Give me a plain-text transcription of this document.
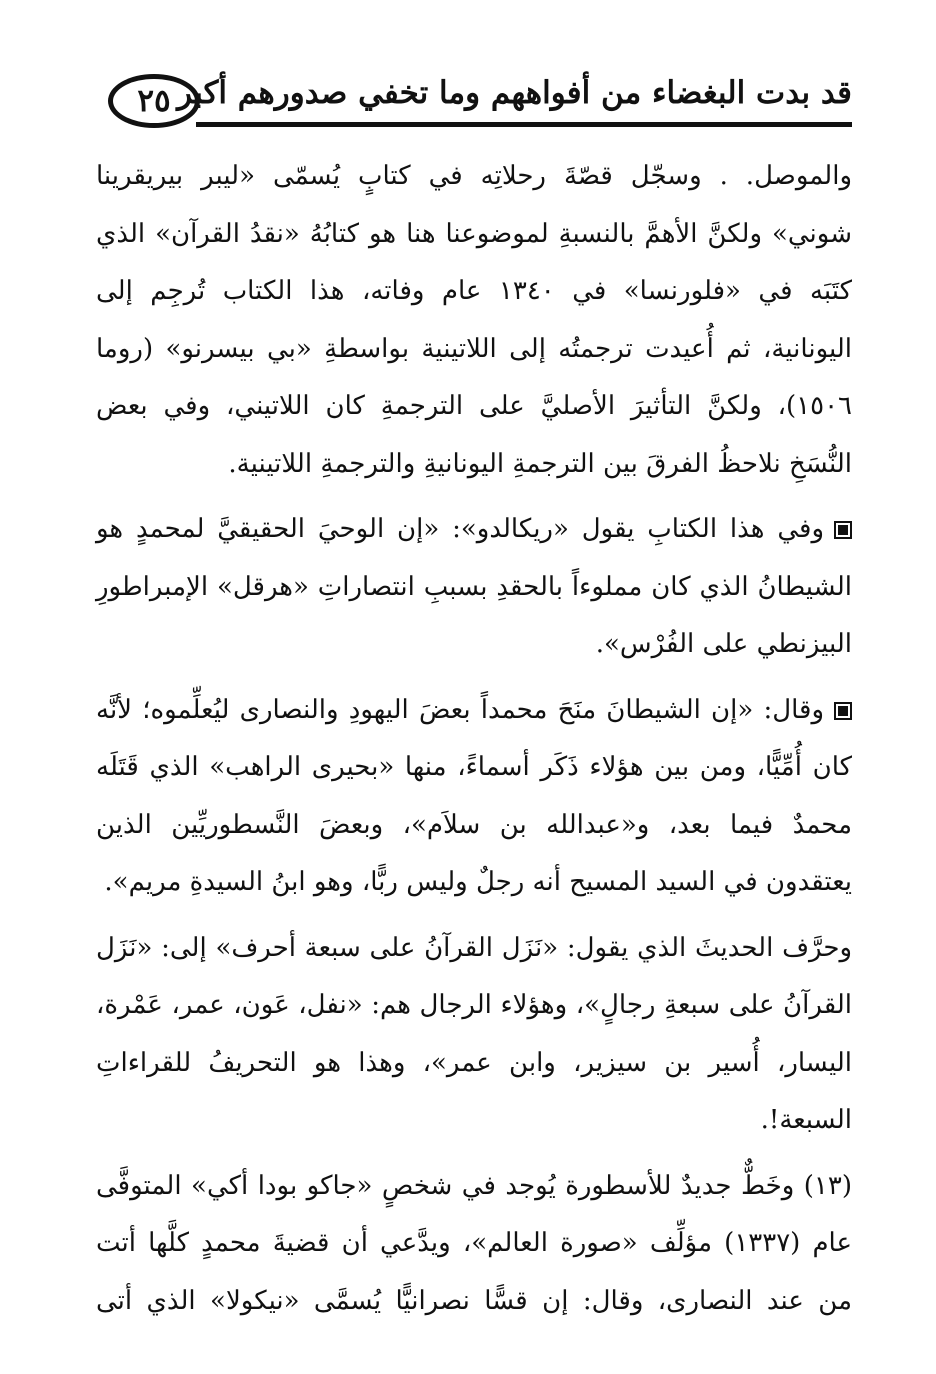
٢٥ قد بدت البغضاء من أفواههم وما تخفي صدورهم أكبر

والموصل. . وسجّل قصّةَ رحلاتِه في كتابٍ يُسمّى «ليبر بيريقرينا شوني» ولكنَّ الأهمَّ بالنسبةِ لموضوعنا هنا هو كتابُهُ «نقدُ القرآن» الذي كتَبَه في «فلورنسا» في ١٣٤٠ عام وفاته، هذا الكتاب تُرجِم إلى اليونانية، ثم أُعيدت ترجمتُه إلى اللاتينية بواسطةِ «بي بيسرنو» (روما ١٥٠٦)، ولكنَّ التأثيرَ الأصليَّ على الترجمةِ كان اللاتيني، وفي بعض النُّسَخِ نلاحظُ الفرقَ بين الترجمةِ اليونانيةِ والترجمةِ اللاتينية.

وفي هذا الكتابِ يقول «ريكالدو»: «إن الوحيَ الحقيقيَّ لمحمدٍ هو الشيطانُ الذي كان مملوءاً بالحقدِ بسببِ انتصاراتِ «هرقل» الإمبراطورِ البيزنطي على الفُرْس».

وقال: «إن الشيطانَ منَحَ محمداً بعضَ اليهودِ والنصارى ليُعلِّموه؛ لأنَّه كان أُمِّيًّا، ومن بين هؤلاء ذَكَر أسماءً، منها «بحيرى الراهب» الذي قَتَلَه محمدٌ فيما بعد، و«عبدالله بن سلاَم»، وبعضَ النَّسطوريِّين الذين يعتقدون في السيد المسيح أنه رجلٌ وليس ربًّا، وهو ابنُ السيدةِ مريم».

وحرَّف الحديثَ الذي يقول: «نَزَل القرآنُ على سبعة أحرف» إلى: «نَزَل القرآنُ على سبعةِ رجالٍ»، وهؤلاء الرجال هم: «نفل، عَون، عمر، عَمْرة، اليسار، أُسير بن سيزير، وابن عمر»، وهذا هو التحريفُ للقراءاتِ السبعة!.

(١٣) وخَطٌّ جديدٌ للأسطورة يُوجد في شخصٍ «جاكو بودا أكي» المتوفَّى عام (١٣٣٧) مؤلِّف «صورة العالم»، ويدَّعي أن قضيةَ محمدٍ كلَّها أتت من عند النصارى، وقال: إن قسًّا نصرانيًّا يُسمَّى «نيكولا» الذي أتى
